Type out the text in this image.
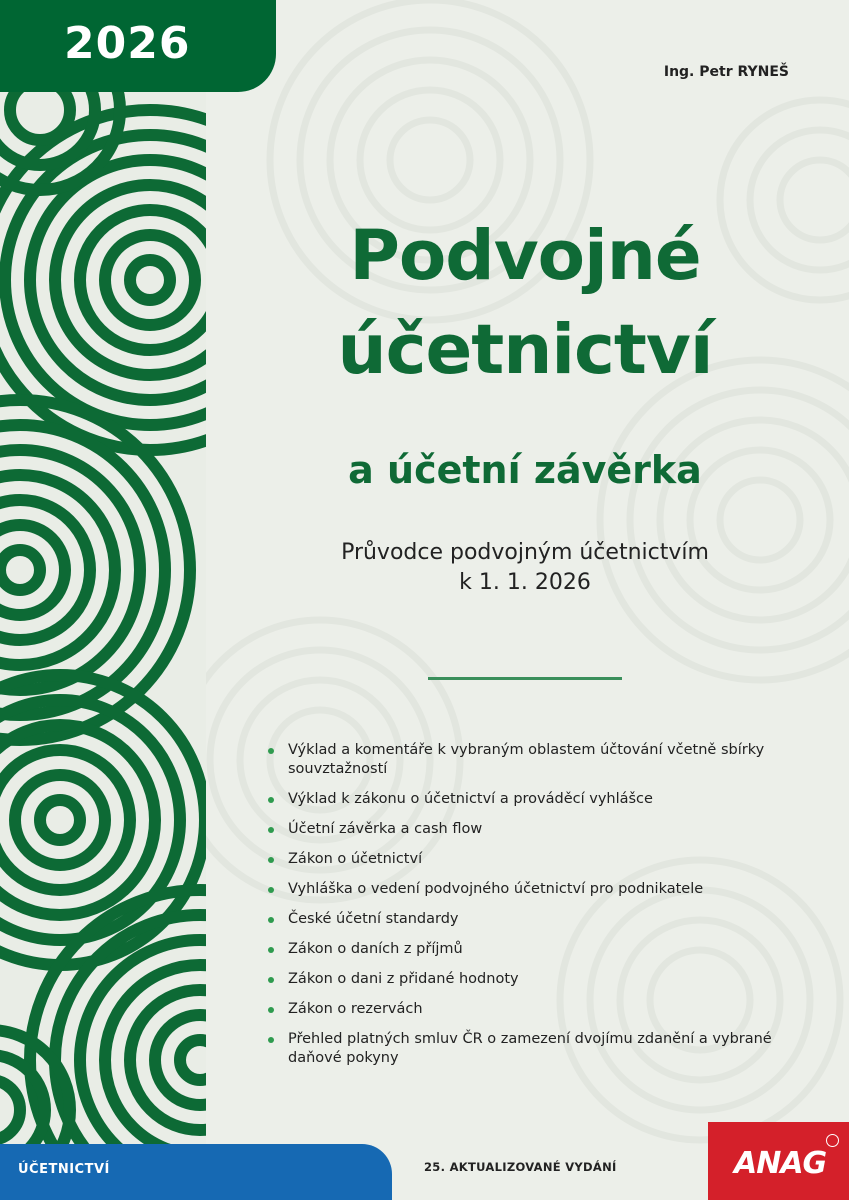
2026
Ing. Petr RYNEŠ
Podvojné
účetnictví
a účetní závěrka
Průvodce podvojným účetnictvím
k 1. 1. 2026
Výklad a komentáře k vybraným oblastem účtování včetně sbírky souvztažností
Výklad k zákonu o účetnictví a prováděcí vyhlášce
Účetní závěrka a cash flow
Zákon o účetnictví
Vyhláška o vedení podvojného účetnictví pro podnikatele
České účetní standardy
Zákon o daních z příjmů
Zákon o dani z přidané hodnoty
Zákon o rezervách
Přehled platných smluv ČR o zamezení dvojímu zdanění a vybrané daňové pokyny
ÚČETNICTVÍ	25. AKTUALIZOVANÉ VYDÁNÍ	ANAG
